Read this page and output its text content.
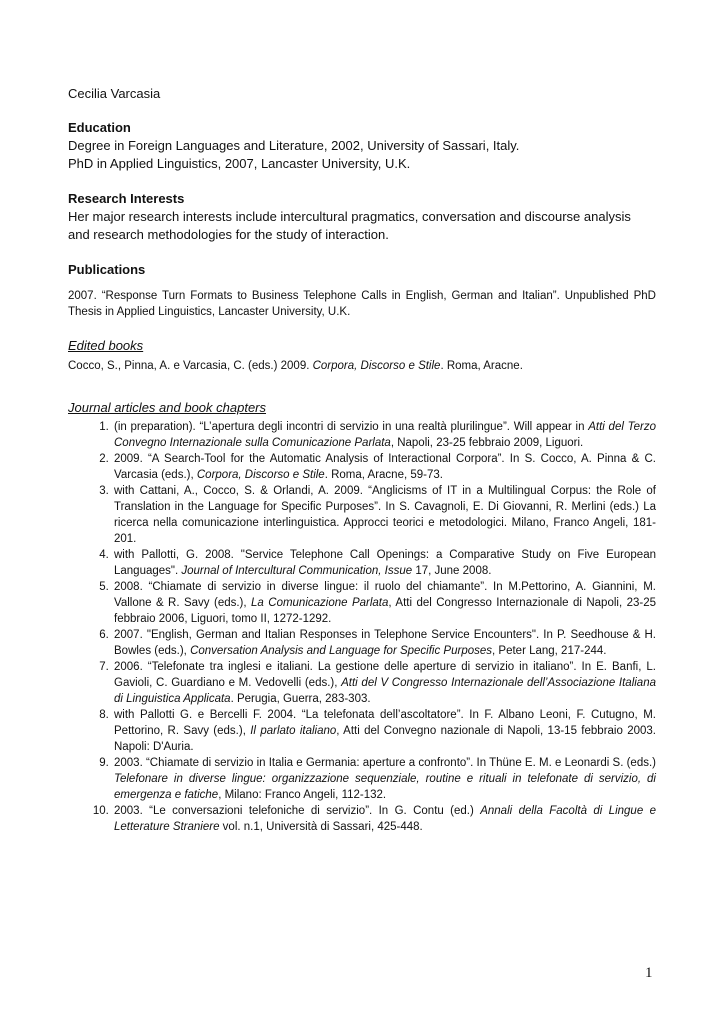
Cecilia Varcasia

Education

Degree in Foreign Languages and Literature, 2002, University of Sassari, Italy.

PhD in Applied Linguistics, 2007, Lancaster University, U.K.

Research Interests

Her major research interests include intercultural pragmatics, conversation and discourse analysis and research methodologies for the study of interaction.

Publications

2007. “Response Turn Formats to Business Telephone Calls in English, German and Italian”. Unpublished PhD Thesis in Applied Linguistics, Lancaster University, U.K.

Edited books

Cocco, S., Pinna, A. e Varcasia, C. (eds.) 2009. Corpora, Discorso e Stile. Roma, Aracne.

Journal articles and book chapters

1. (in preparation). “L’apertura degli incontri di servizio in una realtà plurilingue”. Will appear in Atti del Terzo Convegno Internazionale sulla Comunicazione Parlata, Napoli, 23-25 febbraio 2009, Liguori.
2. 2009. “A Search-Tool for the Automatic Analysis of Interactional Corpora”. In S. Cocco, A. Pinna & C. Varcasia (eds.), Corpora, Discorso e Stile. Roma, Aracne, 59-73.
3. with Cattani, A., Cocco, S. & Orlandi, A. 2009. “Anglicisms of IT in a Multilingual Corpus: the Role of Translation in the Language for Specific Purposes”. In S. Cavagnoli, E. Di Giovanni, R. Merlini (eds.) La ricerca nella comunicazione interlinguistica. Approcci teorici e metodologici. Milano, Franco Angeli, 181-201.
4. with Pallotti, G. 2008. "Service Telephone Call Openings: a Comparative Study on Five European Languages". Journal of Intercultural Communication, Issue 17, June 2008.
5. 2008. “Chiamate di servizio in diverse lingue: il ruolo del chiamante”. In M.Pettorino, A. Giannini, M. Vallone & R. Savy (eds.), La Comunicazione Parlata, Atti del Congresso Internazionale di Napoli, 23-25 febbraio 2006, Liguori, tomo II, 1272-1292.
6. 2007. "English, German and Italian Responses in Telephone Service Encounters". In P. Seedhouse & H. Bowles (eds.), Conversation Analysis and Language for Specific Purposes, Peter Lang, 217-244.
7. 2006. “Telefonate tra inglesi e italiani. La gestione delle aperture di servizio in italiano”. In E. Banfi, L. Gavioli, C. Guardiano e M. Vedovelli (eds.), Atti del V Congresso Internazionale dell’Associazione Italiana di Linguistica Applicata. Perugia, Guerra, 283-303.
8. with Pallotti G. e Bercelli F. 2004. “La telefonata dell’ascoltatore”. In F. Albano Leoni, F. Cutugno, M. Pettorino, R. Savy (eds.), Il parlato italiano, Atti del Convegno nazionale di Napoli, 13-15 febbraio 2003. Napoli: D'Auria.
9. 2003. “Chiamate di servizio in Italia e Germania: aperture a confronto”. In Thüne E. M. e Leonardi S. (eds.) Telefonare in diverse lingue: organizzazione sequenziale, routine e rituali in telefonate di servizio, di emergenza e fatiche, Milano: Franco Angeli, 112-132.
10. 2003. “Le conversazioni telefoniche di servizio”. In G. Contu (ed.) Annali della Facoltà di Lingue e Letterature Straniere vol. n.1, Università di Sassari, 425-448.
1
